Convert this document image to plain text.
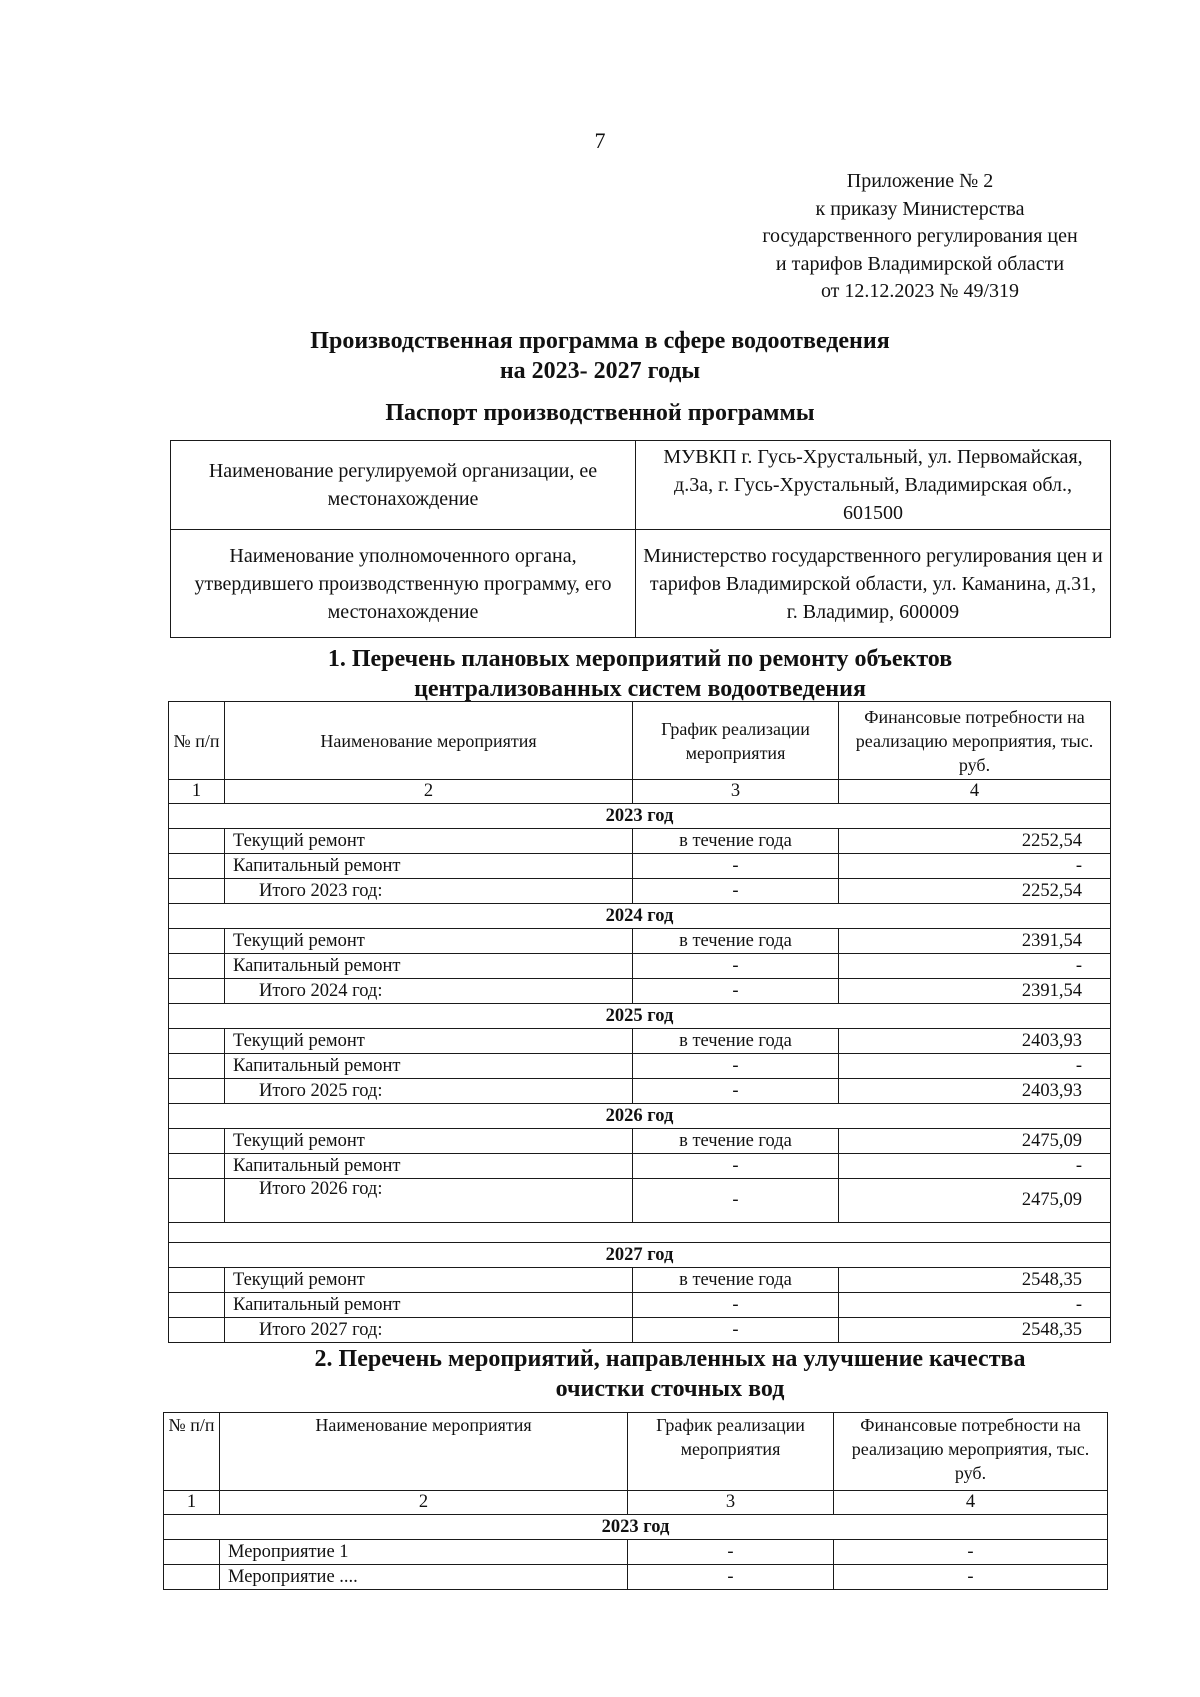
7
Приложение № 2
к приказу Министерства
государственного регулирования цен
и тарифов Владимирской области
от 12.12.2023 № 49/319
Производственная программа в сфере водоотведения
на 2023- 2027 годы
Паспорт производственной программы
Наименование регулируемой организации, ее местонахождение	МУВКП г. Гусь-Хрустальный, ул. Первомайская, д.3а, г. Гусь-Хрустальный, Владимирская обл., 601500
Наименование уполномоченного органа, утвердившего производственную программу, его местонахождение	Министерство государственного регулирования цен и тарифов Владимирской области, ул. Каманина, д.31, г. Владимир, 600009
1. Перечень плановых мероприятий по ремонту объектов
централизованных систем водоотведения
№ п/п	Наименование мероприятия	График реализации мероприятия	Финансовые потребности на реализацию мероприятия, тыс. руб.
1	2	3	4
2023 год			
	Текущий ремонт	в течение года	2252,54
	Капитальный ремонт	-	-
	Итого 2023 год:	-	2252,54
2024 год			
	Текущий ремонт	в течение года	2391,54
	Капитальный ремонт	-	-
	Итого 2024 год:	-	2391,54
2025 год			
	Текущий ремонт	в течение года	2403,93
	Капитальный ремонт	-	-
	Итого 2025 год:	-	2403,93
2026 год			
	Текущий ремонт	в течение года	2475,09
	Капитальный ремонт	-	-
	Итого 2026 год:	-	2475,09

2027 год			
	Текущий ремонт	в течение года	2548,35
	Капитальный ремонт	-	-
	Итого 2027 год:	-	2548,35
2. Перечень мероприятий, направленных на улучшение качества
очистки сточных вод
№ п/п	Наименование мероприятия	График реализации мероприятия	Финансовые потребности на реализацию мероприятия, тыс. руб.
1	2	3	4
2023 год			
	Мероприятие 1	-	-
	Мероприятие ....	-	-
